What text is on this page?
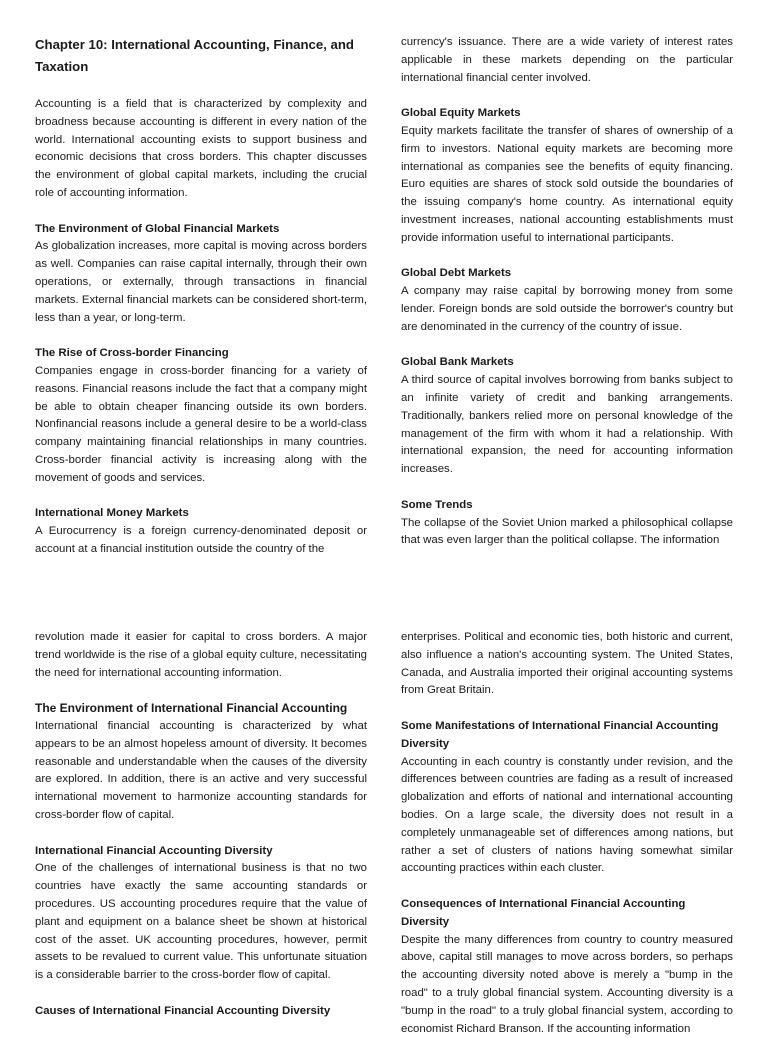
Chapter 10: International Accounting, Finance, and Taxation

Accounting is a field that is characterized by complexity and broadness because accounting is different in every nation of the world. International accounting exists to support business and economic decisions that cross borders. This chapter discusses the environment of global capital markets, including the crucial role of accounting information.

The Environment of Global Financial Markets

As globalization increases, more capital is moving across borders as well. Companies can raise capital internally, through their own operations, or externally, through transactions in financial markets. External financial markets can be considered short-term, less than a year, or long-term.

The Rise of Cross-border Financing

Companies engage in cross-border financing for a variety of reasons. Financial reasons include the fact that a company might be able to obtain cheaper financing outside its own borders. Nonfinancial reasons include a general desire to be a world-class company maintaining financial relationships in many countries. Cross-border financial activity is increasing along with the movement of goods and services.

International Money Markets

A Eurocurrency is a foreign currency-denominated deposit or account at a financial institution outside the country of the

currency's issuance. There are a wide variety of interest rates applicable in these markets depending on the particular international financial center involved.

Global Equity Markets

Equity markets facilitate the transfer of shares of ownership of a firm to investors. National equity markets are becoming more international as companies see the benefits of equity financing. Euro equities are shares of stock sold outside the boundaries of the issuing company's home country. As international equity investment increases, national accounting establishments must provide information useful to international participants.

Global Debt Markets

A company may raise capital by borrowing money from some lender. Foreign bonds are sold outside the borrower's country but are denominated in the currency of the country of issue.

Global Bank Markets

A third source of capital involves borrowing from banks subject to an infinite variety of credit and banking arrangements. Traditionally, bankers relied more on personal knowledge of the management of the firm with whom it had a relationship. With international expansion, the need for accounting information increases.

Some Trends

The collapse of the Soviet Union marked a philosophical collapse that was even larger than the political collapse. The information

revolution made it easier for capital to cross borders. A major trend worldwide is the rise of a global equity culture, necessitating the need for international accounting information.

The Environment of International Financial Accounting

International financial accounting is characterized by what appears to be an almost hopeless amount of diversity. It becomes reasonable and understandable when the causes of the diversity are explored. In addition, there is an active and very successful international movement to harmonize accounting standards for cross-border flow of capital.

International Financial Accounting Diversity

One of the challenges of international business is that no two countries have exactly the same accounting standards or procedures. US accounting procedures require that the value of plant and equipment on a balance sheet be shown at historical cost of the asset. UK accounting procedures, however, permit assets to be revalued to current value. This unfortunate situation is a considerable barrier to the cross-border flow of capital.

Causes of International Financial Accounting Diversity

enterprises. Political and economic ties, both historic and current, also influence a nation's accounting system. The United States, Canada, and Australia imported their original accounting systems from Great Britain.

Some Manifestations of International Financial Accounting Diversity

Accounting in each country is constantly under revision, and the differences between countries are fading as a result of increased globalization and efforts of national and international accounting bodies. On a large scale, the diversity does not result in a completely unmanageable set of differences among nations, but rather a set of clusters of nations having somewhat similar accounting practices within each cluster.

Consequences of International Financial Accounting Diversity

Despite the many differences from country to country measured above, capital still manages to move across borders, so perhaps the accounting diversity noted above is merely a "bump in the road" to a truly global financial system. Accounting diversity is a "bump in the road" to a truly global financial system, according to economist Richard Branson. If the accounting information
